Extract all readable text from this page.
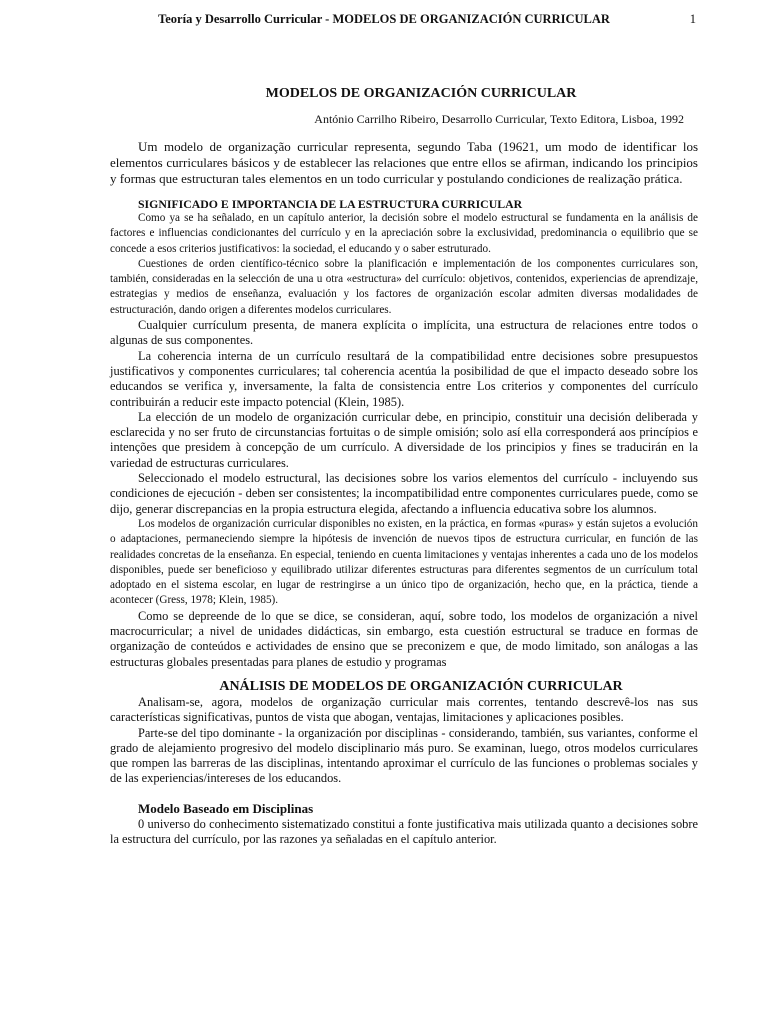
Teoría y Desarrollo Curricular - MODELOS DE ORGANIZACIÓN CURRICULAR	1
MODELOS DE ORGANIZACIÓN CURRICULAR
António Carrilho Ribeiro, Desarrollo Curricular, Texto Editora, Lisboa, 1992

Um modelo de organização curricular representa, segundo Taba (19621, um modo de identificar los elementos curriculares básicos y de establecer las relaciones que entre ellos se afirman, indicando los principios y formas que estructuran tales elementos en un todo curricular y postulando condiciones de realização prática.

SIGNIFICADO E IMPORTANCIA DE LA ESTRUCTURA CURRICULAR

Como ya se ha señalado, en un capítulo anterior, la decisión sobre el modelo estructural se fundamenta en la análisis de factores e influencias condicionantes del currículo y en la apreciación sobre la exclusividad, predominancia o equilibrio que se concede a esos criterios justificativos: la sociedad, el educando y o saber estruturado.

Cuestiones de orden científico-técnico sobre la planificación e implementación de los componentes curriculares son, también, consideradas en la selección de una u otra «estructura» del currículo: objetivos, contenidos, experiencias de aprendizaje, estrategias y medios de enseñanza, evaluación y los factores de organización escolar admiten diversas modalidades de estructuración, dando origen a diferentes modelos curriculares.

Cualquier currículum presenta, de manera explícita o implícita, una estructura de relaciones entre todos o algunas de sus componentes.

La coherencia interna de un currículo resultará de la compatibilidad entre decisiones sobre presupuestos justificativos y componentes curriculares; tal coherencia acentúa la posibilidad de que el impacto deseado sobre los educandos se verifica y, inversamente, la falta de consistencia entre Los criterios y componentes del currículo contribuirán a reducir este impacto potencial (Klein, 1985).

La elección de un modelo de organización curricular debe, en principio, constituir una decisión deliberada y esclarecida y no ser fruto de circunstancias fortuitas o de simple omisión; solo así ella corresponderá aos princípios e intenções que presidem à concepção de um currículo. A diversidade de los principios y fines se traducirán en la variedad de estructuras curriculares.

Seleccionado el modelo estructural, las decisiones sobre los varios elementos del currículo - incluyendo sus condiciones de ejecución - deben ser consistentes; la incompatibilidad entre componentes curriculares puede, como se dijo, generar discrepancias en la propia estructura elegida, afectando a influencia educativa sobre los alumnos.

Los modelos de organización curricular disponibles no existen, en la práctica, en formas «puras» y están sujetos a evolución o adaptaciones, permaneciendo siempre la hipótesis de invención de nuevos tipos de estructura curricular, en función de las realidades concretas de la enseñanza. En especial, teniendo en cuenta limitaciones y ventajas inherentes a cada uno de los modelos disponibles, puede ser beneficioso y equilibrado utilizar diferentes estructuras para diferentes segmentos de un currículum total adoptado en el sistema escolar, en lugar de restringirse a un único tipo de organización, hecho que, en la práctica, tiende a acontecer (Gress, 1978; Klein, 1985).

Como se depreende de lo que se dice, se consideran, aquí, sobre todo, los modelos de organización a nivel macrocurricular; a nivel de unidades didácticas, sin embargo, esta cuestión estructural se traduce en formas de organização de conteúdos e actividades de ensino que se preconizem e que, de modo limitado, son análogas a las estructuras globales presentadas para planes de estudio y programas

ANÁLISIS DE MODELOS DE ORGANIZACIÓN CURRICULAR

Analisam-se, agora, modelos de organização curricular mais correntes, tentando descrevê-los nas sus características significativas, puntos de vista que abogan, ventajas, limitaciones y aplicaciones posibles.

Parte-se del tipo dominante - la organización por disciplinas - considerando, también, sus variantes, conforme el grado de alejamiento progresivo del modelo disciplinario más puro. Se examinan, luego, otros modelos curriculares que rompen las barreras de las disciplinas, intentando aproximar el currículo de las funciones o problemas sociales y de las experiencias/intereses de los educandos.

Modelo Baseado em Disciplinas

0 universo do conhecimento sistematizado constitui a fonte justificativa mais utilizada quanto a decisiones sobre la estructura del currículo, por las razones ya señaladas en el capítulo anterior.
